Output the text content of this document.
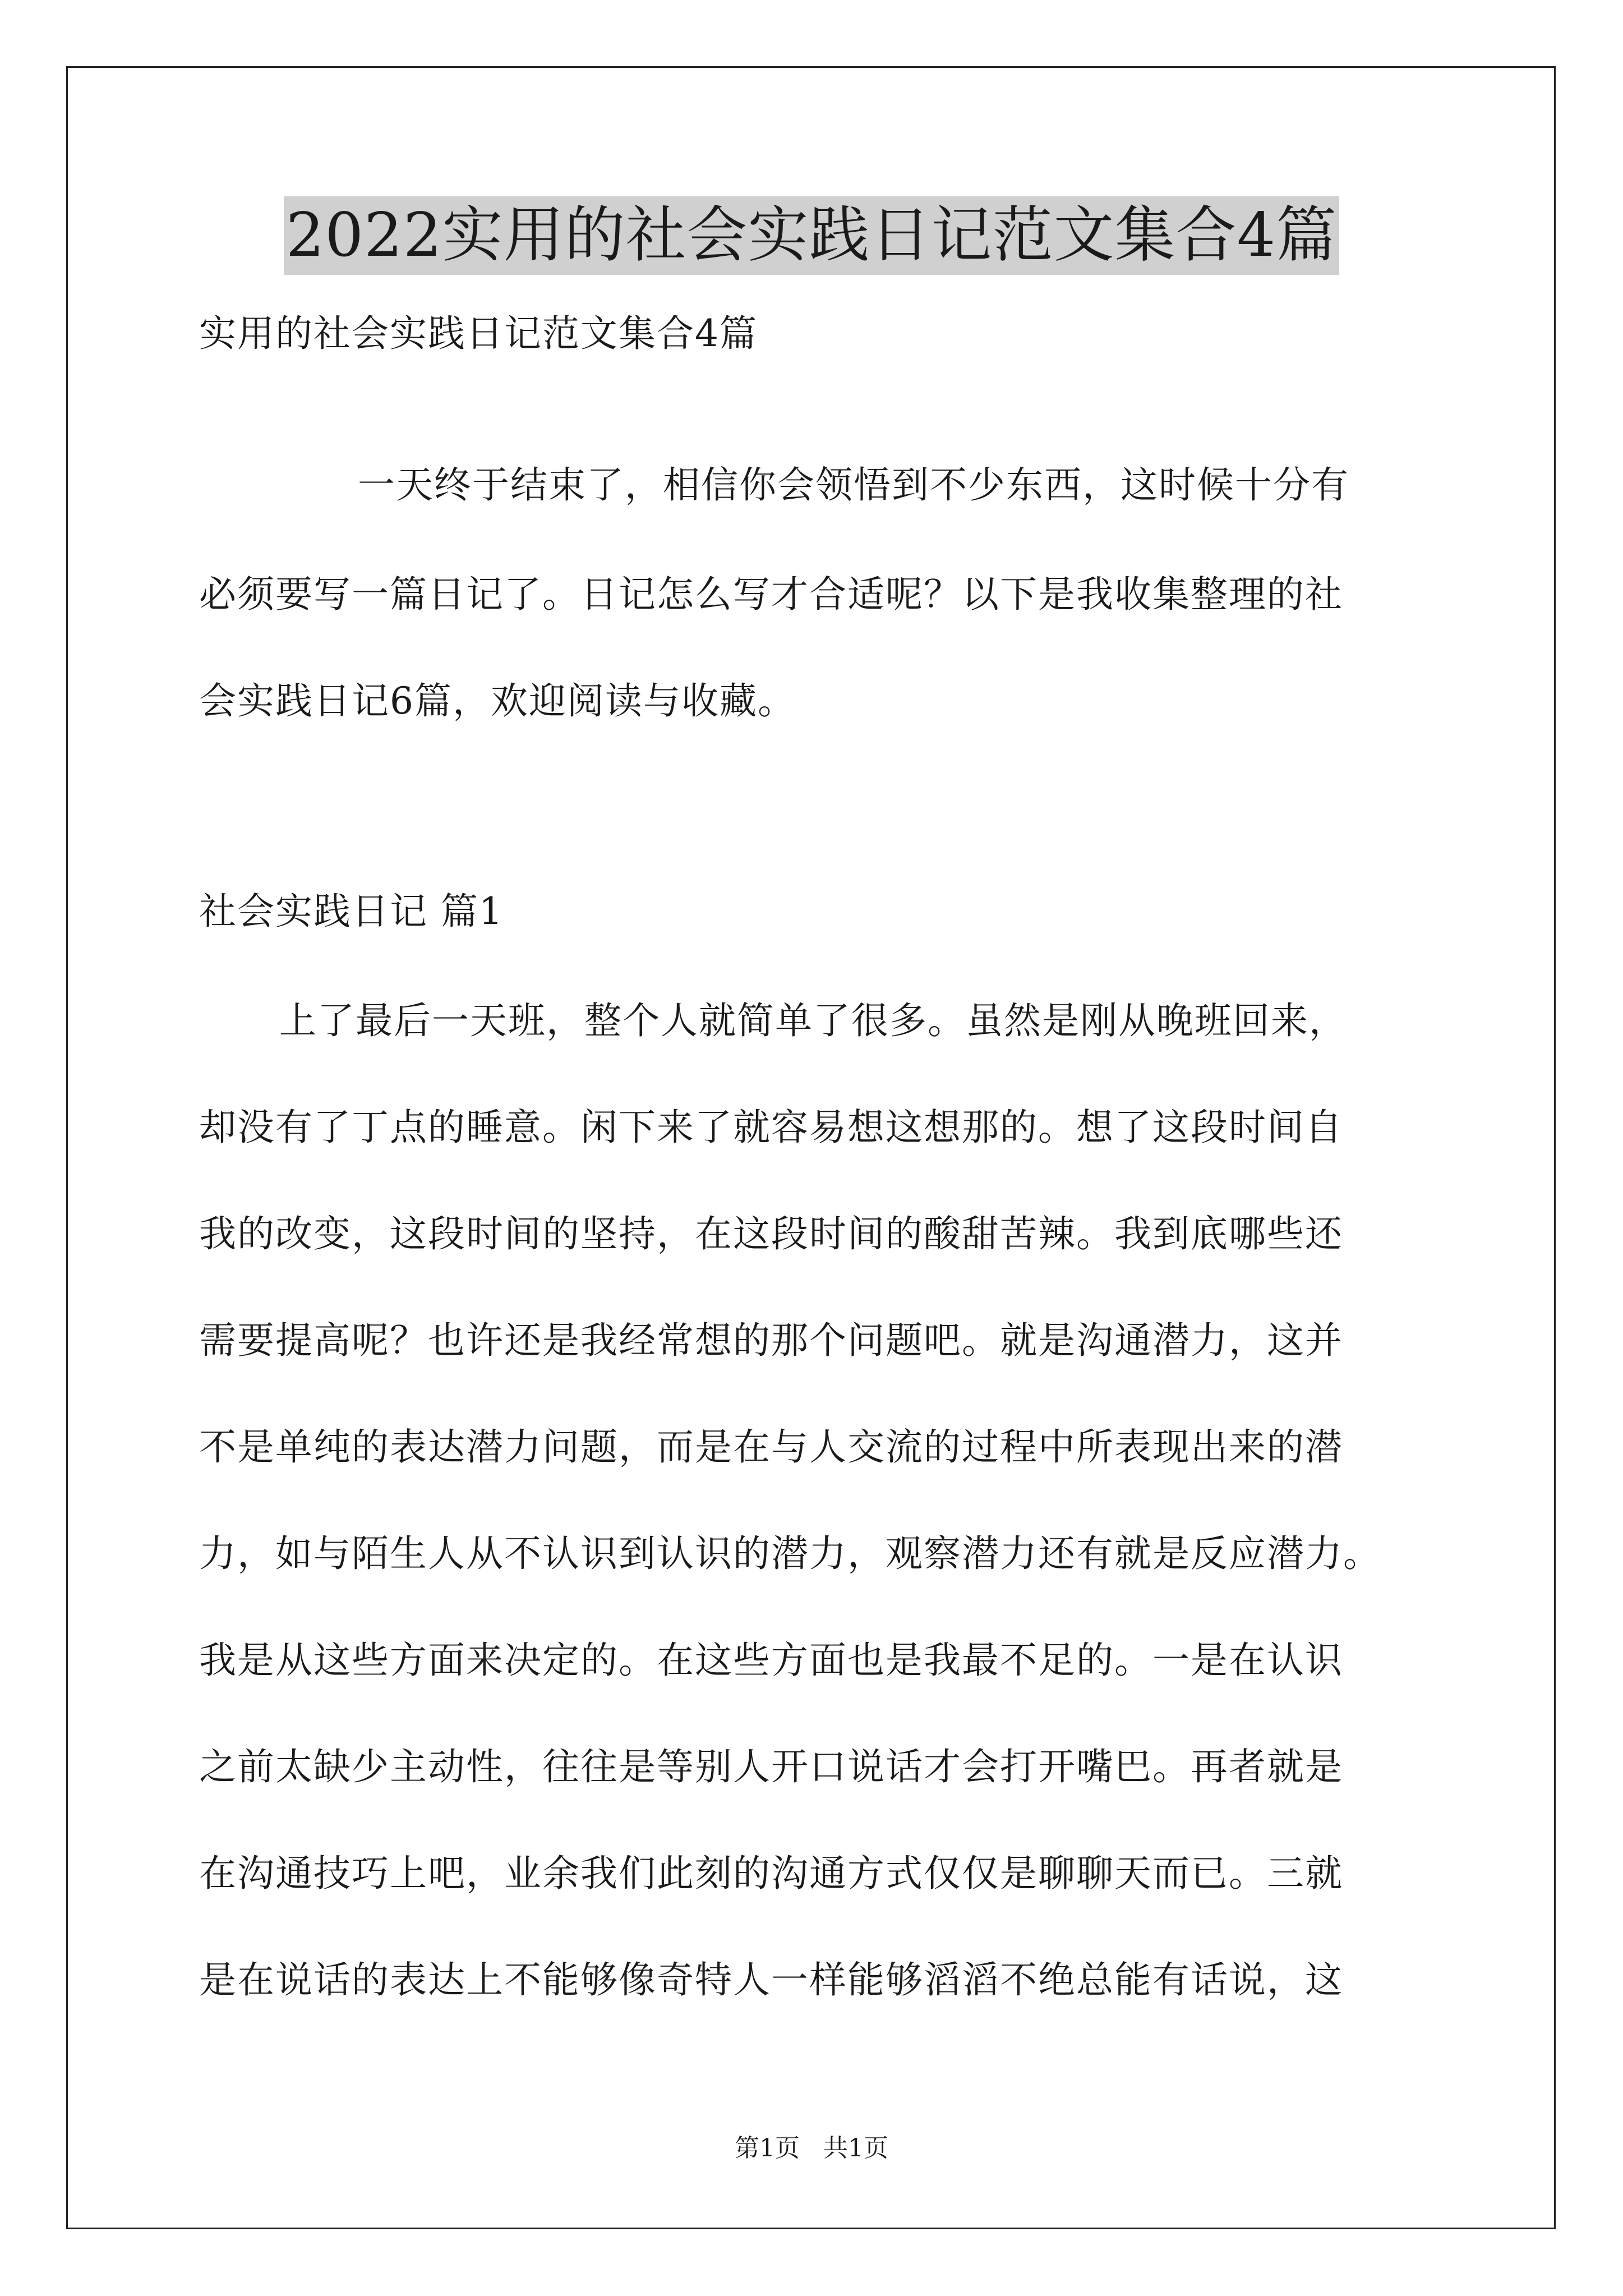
2022实用的社会实践日记范文集合4篇
实用的社会实践日记范文集合4篇
一天终于结束了，相信你会领悟到不少东西，这时候十分有
必须要写一篇日记了。日记怎么写才合适呢？以下是我收集整理的社
会实践日记6篇，欢迎阅读与收藏。
社会实践日记 篇1
上了最后一天班，整个人就简单了很多。虽然是刚从晚班回来，
却没有了丁点的睡意。闲下来了就容易想这想那的。想了这段时间自
我的改变，这段时间的坚持，在这段时间的酸甜苦辣。我到底哪些还
需要提高呢？也许还是我经常想的那个问题吧。就是沟通潜力，这并
不是单纯的表达潜力问题，而是在与人交流的过程中所表现出来的潜
力，如与陌生人从不认识到认识的潜力，观察潜力还有就是反应潜力。
我是从这些方面来决定的。在这些方面也是我最不足的。一是在认识
之前太缺少主动性，往往是等别人开口说话才会打开嘴巴。再者就是
在沟通技巧上吧，业余我们此刻的沟通方式仅仅是聊聊天而已。三就
是在说话的表达上不能够像奇特人一样能够滔滔不绝总能有话说，这
第1页 共1页
